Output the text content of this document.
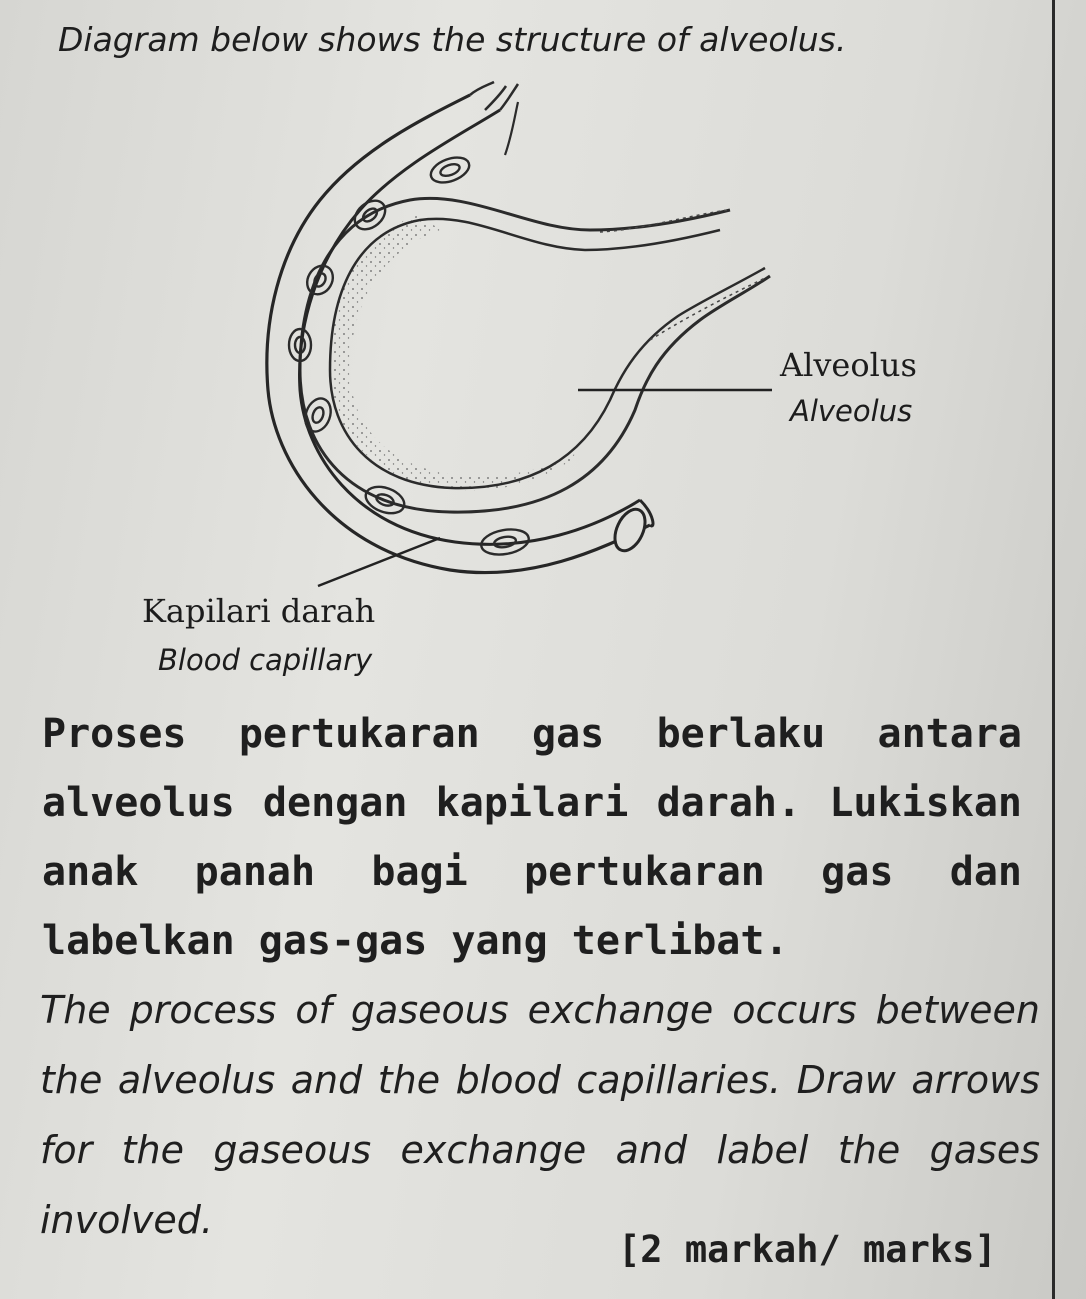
Diagram below shows the structure of alveolus.
Alveolus
Alveolus
Kapilari darah
Blood capillary
Proses pertukaran gas berlaku antara alveolus dengan kapilari darah. Lukiskan anak panah bagi pertukaran gas dan labelkan gas-gas yang terlibat.
The process of gaseous exchange occurs between the alveolus and the blood capillaries. Draw arrows for the gaseous exchange and label the gases involved.
[2 markah/ marks]
